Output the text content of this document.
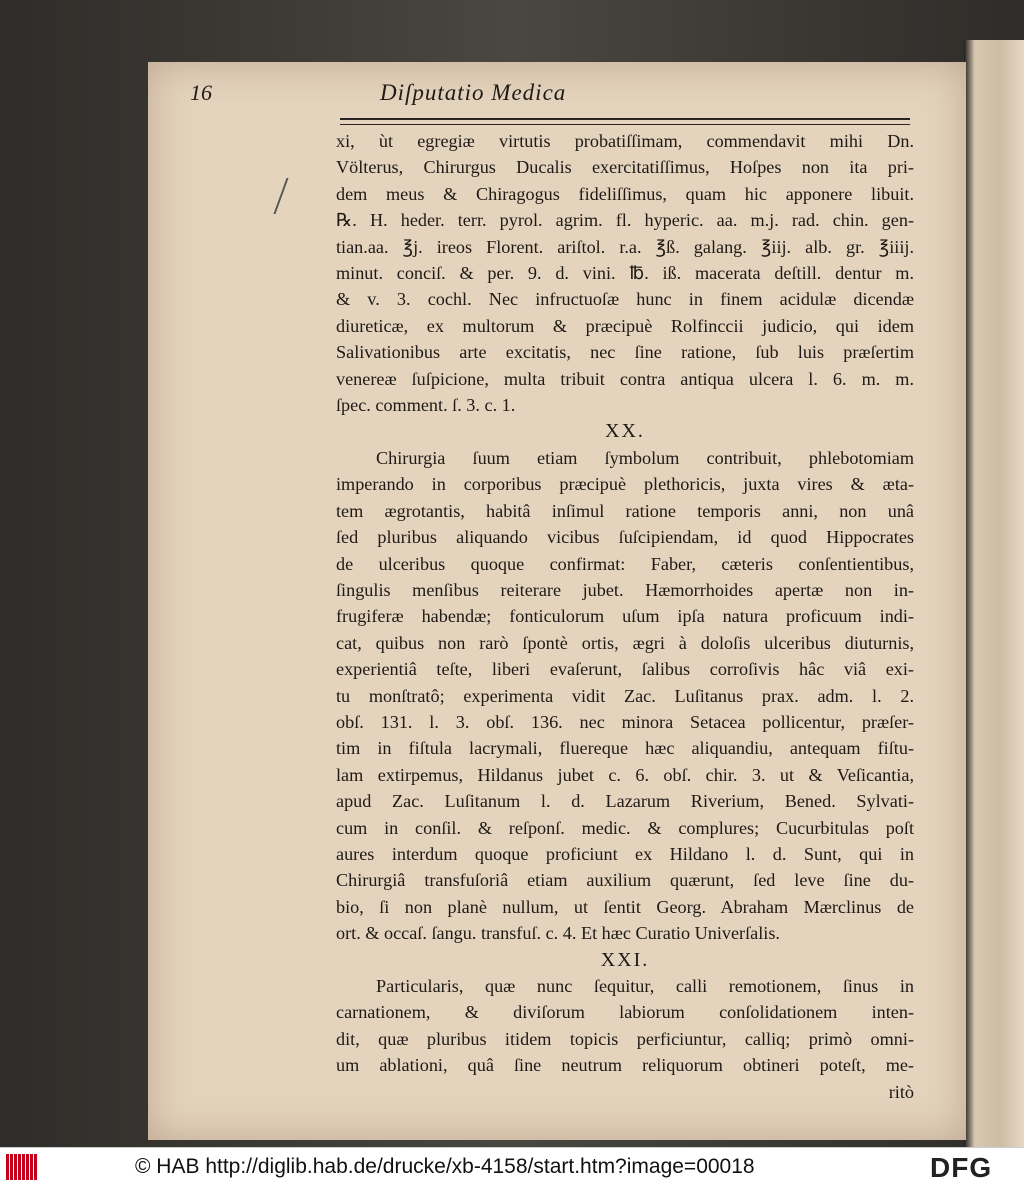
16	Diſputatio Medica
xi, ùt egregiæ virtutis probatiſſimam, commendavit mihi Dn.
Völterus, Chirurgus Ducalis exercitatiſſimus, Hoſpes non ita pri-
dem meus & Chiragogus fideliſſimus, quam hic apponere libuit.
℞. H. heder. terr. pyrol. agrim. fl. hyperic. aa. m.j. rad. chin. gen-
tian.aa. ℥j. ireos Florent. ariſtol. r.a. ℥ß. galang. ℥iij. alb. gr. ℥iiij.
minut. conciſ. & per. 9. d. vini. ℔. iß. macerata deſtill. dentur m.
& v. 3. cochl. Nec infructuoſæ hunc in finem acidulæ dicendæ
diureticæ, ex multorum & præcipuè Rolfinccii judicio, qui idem
Salivationibus arte excitatis, nec ſine ratione, ſub luis præſertim
venereæ ſuſpicione, multa tribuit contra antiqua ulcera l. 6. m. m.
ſpec. comment. ſ. 3. c. 1.
XX.
Chirurgia ſuum etiam ſymbolum contribuit, phlebotomiam
imperando in corporibus præcipuè plethoricis, juxta vires & æta-
tem ægrotantis, habitâ inſimul ratione temporis anni, non unâ
ſed pluribus aliquando vicibus ſuſcipiendam, id quod Hippocrates
de ulceribus quoque confirmat: Faber, cæteris conſentientibus,
ſingulis menſibus reiterare jubet. Hæmorrhoides apertæ non in-
frugiferæ habendæ; fonticulorum uſum ipſa natura proficuum indi-
cat, quibus non rarò ſpontè ortis, ægri à doloſis ulceribus diuturnis,
experientiâ teſte, liberi evaſerunt, ſalibus corroſivis hâc viâ exi-
tu monſtratô; experimenta vidit Zac. Luſitanus prax. adm. l. 2.
obſ. 131. l. 3. obſ. 136. nec minora Setacea pollicentur, præſer-
tim in fiſtula lacrymali, fluereque hæc aliquandiu, antequam fiſtu-
lam extirpemus, Hildanus jubet c. 6. obſ. chir. 3. ut & Veſicantia,
apud Zac. Luſitanum l. d. Lazarum Riverium, Bened. Sylvati-
cum in conſil. & reſponſ. medic. & complures; Cucurbitulas poſt
aures interdum quoque proficiunt ex Hildano l. d. Sunt, qui in
Chirurgiâ transfuſoriâ etiam auxilium quærunt, ſed leve ſine du-
bio, ſi non planè nullum, ut ſentit Georg. Abraham Mærclinus de
ort. & occaſ. ſangu. transfuſ. c. 4. Et hæc Curatio Univerſalis.
XXI.
Particularis, quæ nunc ſequitur, calli remotionem, ſinus in
carnationem, & diviſorum labiorum conſolidationem inten-
dit, quæ pluribus itidem topicis perficiuntur, calliq; primò omni-
um ablationi, quâ ſine neutrum reliquorum obtineri poteſt, me-
ritò
© HAB http://diglib.hab.de/drucke/xb-4158/start.htm?image=00018	DFG
